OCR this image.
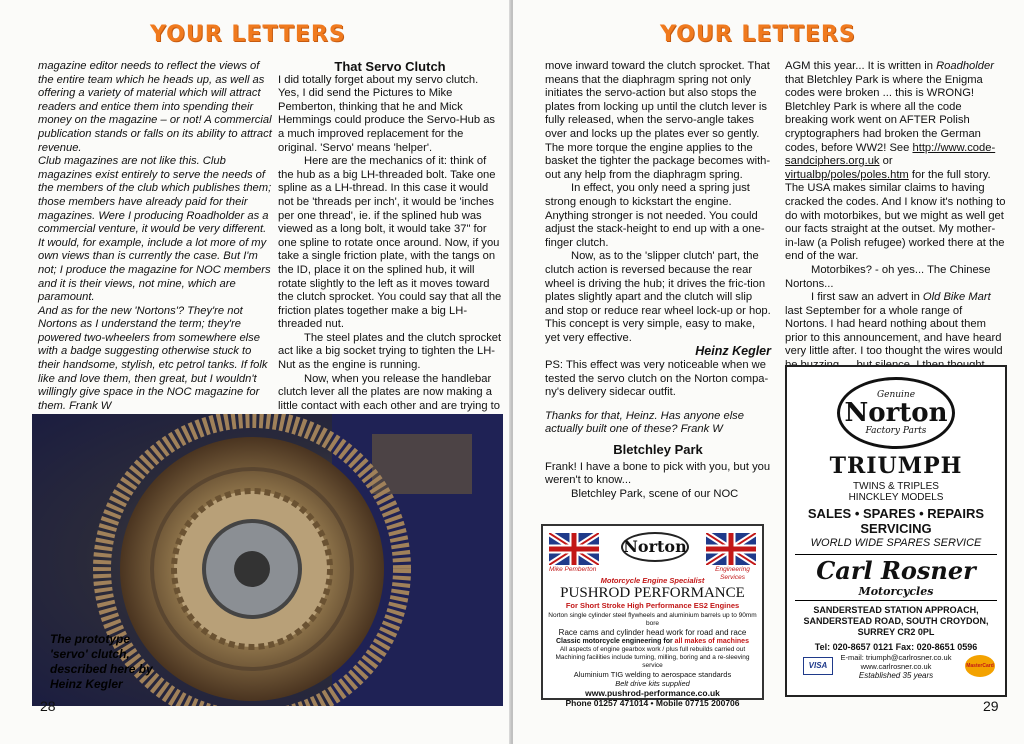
YOUR LETTERS

magazine editor needs to reflect the views of the entire team which he heads up, as well as offering a variety of material which will attract readers and entice them into spending their money on the magazine – or not! A commercial publication stands or falls on its ability to attract revenue.

Club magazines are not like this. Club magazines exist entirely to serve the needs of the members of the club which publishes them; those members have already paid for their magazines. Were I producing Roadholder as a commercial venture, it would be very different. It would, for example, include a lot more of my own views than is currently the case. But I'm not; I produce the magazine for NOC members and it is their views, not mine, which are paramount.

And as for the new 'Nortons'? They're not Nortons as I understand the term; they're powered two-wheelers from somewhere else with a badge suggesting otherwise stuck to their handsome, stylish, etc petrol tanks. If folk like and love them, then great, but I wouldn't willingly give space in the NOC magazine for them. Frank W

That Servo Clutch

I did totally forget about my servo clutch. Yes, I did send the Pictures to Mike Pemberton, thinking that he and Mick Hemmings could produce the Servo-Hub as a much improved replacement for the original. 'Servo' means 'helper'.

Here are the mechanics of it: think of the hub as a big LH-threaded bolt. Take one spline as a LH-thread. In this case it would not be 'threads per inch', it would be 'inches per one thread', ie. if the splined hub was viewed as a long bolt, it would take 37" for one spline to rotate once around. Now, if you take a single friction plate, with the tangs on the ID, place it on the splined hub, it will rotate slightly to the left as it moves toward the clutch sprocket. You could say that all the friction plates together make a big LH-threaded nut.

The steel plates and the clutch sprocket act like a big socket trying to tighten the LH-Nut as the engine is running.

Now, when you release the handlebar clutch lever all the plates are now making a little contact with each other and are trying to

The prototype
'servo' clutch,
described here by
Heinz Kegler
28
YOUR LETTERS

move inward toward the clutch sprocket. That means that the diaphragm spring not only initiates the servo-action but also stops the plates from locking up until the clutch lever is fully released, when the servo-angle takes over and locks up the plates ever so gently. The more torque the engine applies to the basket the tighter the package becomes with-out any help from the diaphragm spring.

In effect, you only need a spring just strong enough to kickstart the engine. Anything stronger is not needed. You could adjust the stack-height to end up with a one-finger clutch.

Now, as to the 'slipper clutch' part, the clutch action is reversed because the rear wheel is driving the hub; it drives the fric-tion plates slightly apart and the clutch will slip and stop or reduce rear wheel lock-up or hop. This concept is very simple, easy to make, yet very effective.

Heinz Kegler

PS: This effect was very noticeable when we tested the servo clutch on the Norton compa-ny's delivery sidecar outfit.

Thanks for that, Heinz. Has anyone else actually built one of these? Frank W

Bletchley Park

Frank! I have a bone to pick with you, but you weren't to know...

Bletchley Park, scene of our NOC

AGM this year... It is written in Roadholder that Bletchley Park is where the Enigma codes were broken ... this is WRONG! Bletchley Park is where all the code breaking work went on AFTER Polish cryptographers had broken the German codes, before WW2! See http://www.code-sandciphers.org.uk or virtualbp/poles/poles.htm for the full story. The USA makes similar claims to having cracked the codes. And I know it's nothing to do with motorbikes, but we might as well get our facts straight at the outset. My mother-in-law (a Polish refugee) worked there at the end of the war.

Motorbikes? - oh yes... The Chinese Nortons...

I first saw an advert in Old Bike Mart last September for a whole range of Nortons. I had heard nothing about them prior to this announcement, and have heard very little after. I too thought the wires would

Norton
Mike Pemberton	Engineering Services
Motorcycle Engine Specialist
PUSHROD PERFORMANCE
For Short Stroke High Performance ES2 Engines
Norton single cylinder steel flywheels and aluminium barrels up to 90mm bore
Race cams and cylinder head work for road and race
Classic motorcycle engineering for all makes of machines
All aspects of engine gearbox work / plus full rebuilds carried out
Machining facilities include turning, milling, boring and a re-sleeving service
Aluminium TIG welding to aerospace standards
Belt drive kits supplied
www.pushrod-performance.co.uk
Phone 01257 471014 • Mobile 07715 200706
Genuine
Norton
Factory Parts
TRIUMPH
TWINS & TRIPLES
HINCKLEY MODELS
SALES • SPARES • REPAIRS
SERVICING
WORLD WIDE SPARES SERVICE
Carl Rosner
Motorcycles
SANDERSTEAD STATION APPROACH,
SANDERSTEAD ROAD, SOUTH CROYDON,
SURREY CR2 0PL
Tel: 020-8657 0121 Fax: 020-8651 0596
VISA	MasterCard
E-mail: triumph@carlrosner.co.uk
www.carlrosner.co.uk
Established 35 years
29
